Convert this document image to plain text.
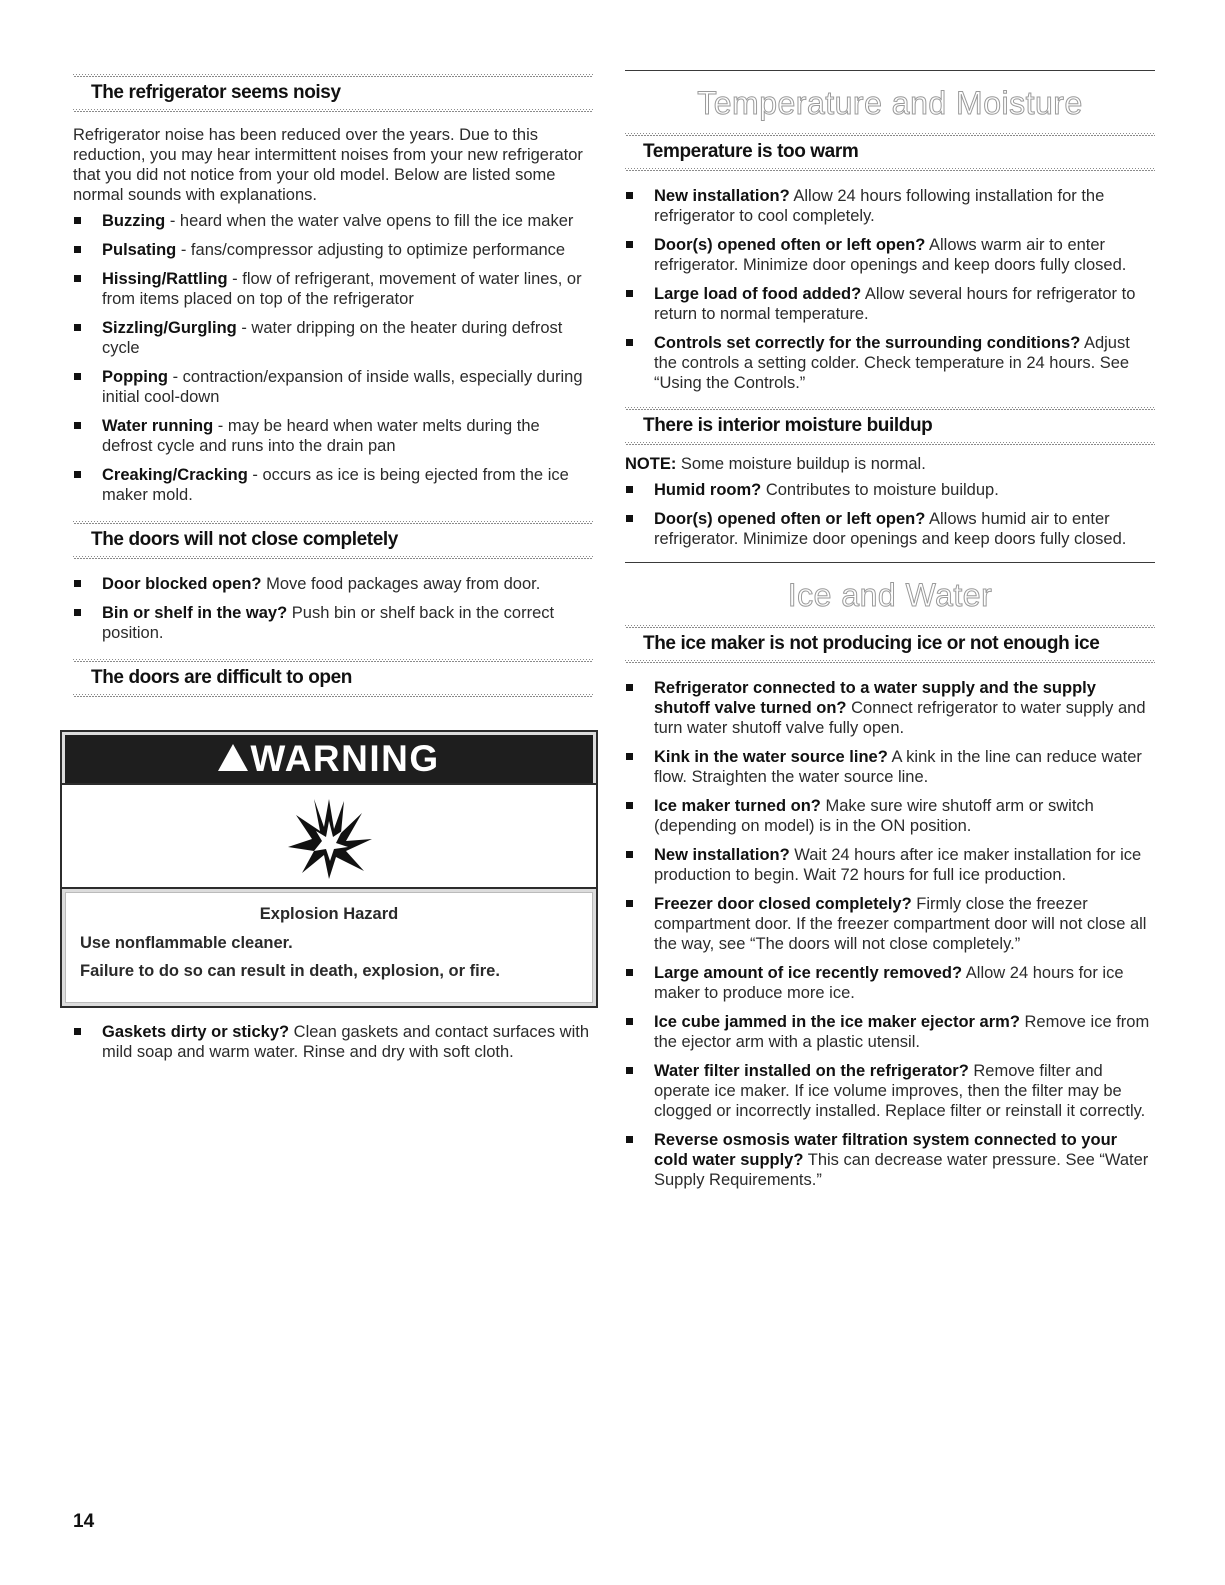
The refrigerator seems noisy

Refrigerator noise has been reduced over the years. Due to this reduction, you may hear intermittent noises from your new refrigerator that you did not notice from your old model. Below are listed some normal sounds with explanations.

Buzzing - heard when the water valve opens to fill the ice maker
Pulsating - fans/compressor adjusting to optimize performance
Hissing/Rattling - flow of refrigerant, movement of water lines, or from items placed on top of the refrigerator
Sizzling/Gurgling - water dripping on the heater during defrost cycle
Popping - contraction/expansion of inside walls, especially during initial cool-down
Water running - may be heard when water melts during the defrost cycle and runs into the drain pan
Creaking/Cracking - occurs as ice is being ejected from the ice maker mold.
The doors will not close completely
Door blocked open? Move food packages away from door.
Bin or shelf in the way? Push bin or shelf back in the correct position.
The doors are difficult to open
WARNING
Explosion Hazard
Use nonflammable cleaner.
Failure to do so can result in death, explosion, or fire.
Gaskets dirty or sticky? Clean gaskets and contact surfaces with mild soap and warm water. Rinse and dry with soft cloth.
Temperature and Moisture
Temperature is too warm
New installation? Allow 24 hours following installation for the refrigerator to cool completely.
Door(s) opened often or left open? Allows warm air to enter refrigerator. Minimize door openings and keep doors fully closed.
Large load of food added? Allow several hours for refrigerator to return to normal temperature.
Controls set correctly for the surrounding conditions? Adjust the controls a setting colder. Check temperature in 24 hours. See “Using the Controls.”
There is interior moisture buildup

NOTE: Some moisture buildup is normal.

Humid room? Contributes to moisture buildup.
Door(s) opened often or left open? Allows humid air to enter refrigerator. Minimize door openings and keep doors fully closed.
Ice and Water
The ice maker is not producing ice or not enough ice
Refrigerator connected to a water supply and the supply shutoff valve turned on? Connect refrigerator to water supply and turn water shutoff valve fully open.
Kink in the water source line? A kink in the line can reduce water flow. Straighten the water source line.
Ice maker turned on? Make sure wire shutoff arm or switch (depending on model) is in the ON position.
New installation? Wait 24 hours after ice maker installation for ice production to begin. Wait 72 hours for full ice production.
Freezer door closed completely? Firmly close the freezer compartment door. If the freezer compartment door will not close all the way, see “The doors will not close completely.”
Large amount of ice recently removed? Allow 24 hours for ice maker to produce more ice.
Ice cube jammed in the ice maker ejector arm? Remove ice from the ejector arm with a plastic utensil.
Water filter installed on the refrigerator? Remove filter and operate ice maker. If ice volume improves, then the filter may be clogged or incorrectly installed. Replace filter or reinstall it correctly.
Reverse osmosis water filtration system connected to your cold water supply? This can decrease water pressure. See “Water Supply Requirements.”
14
